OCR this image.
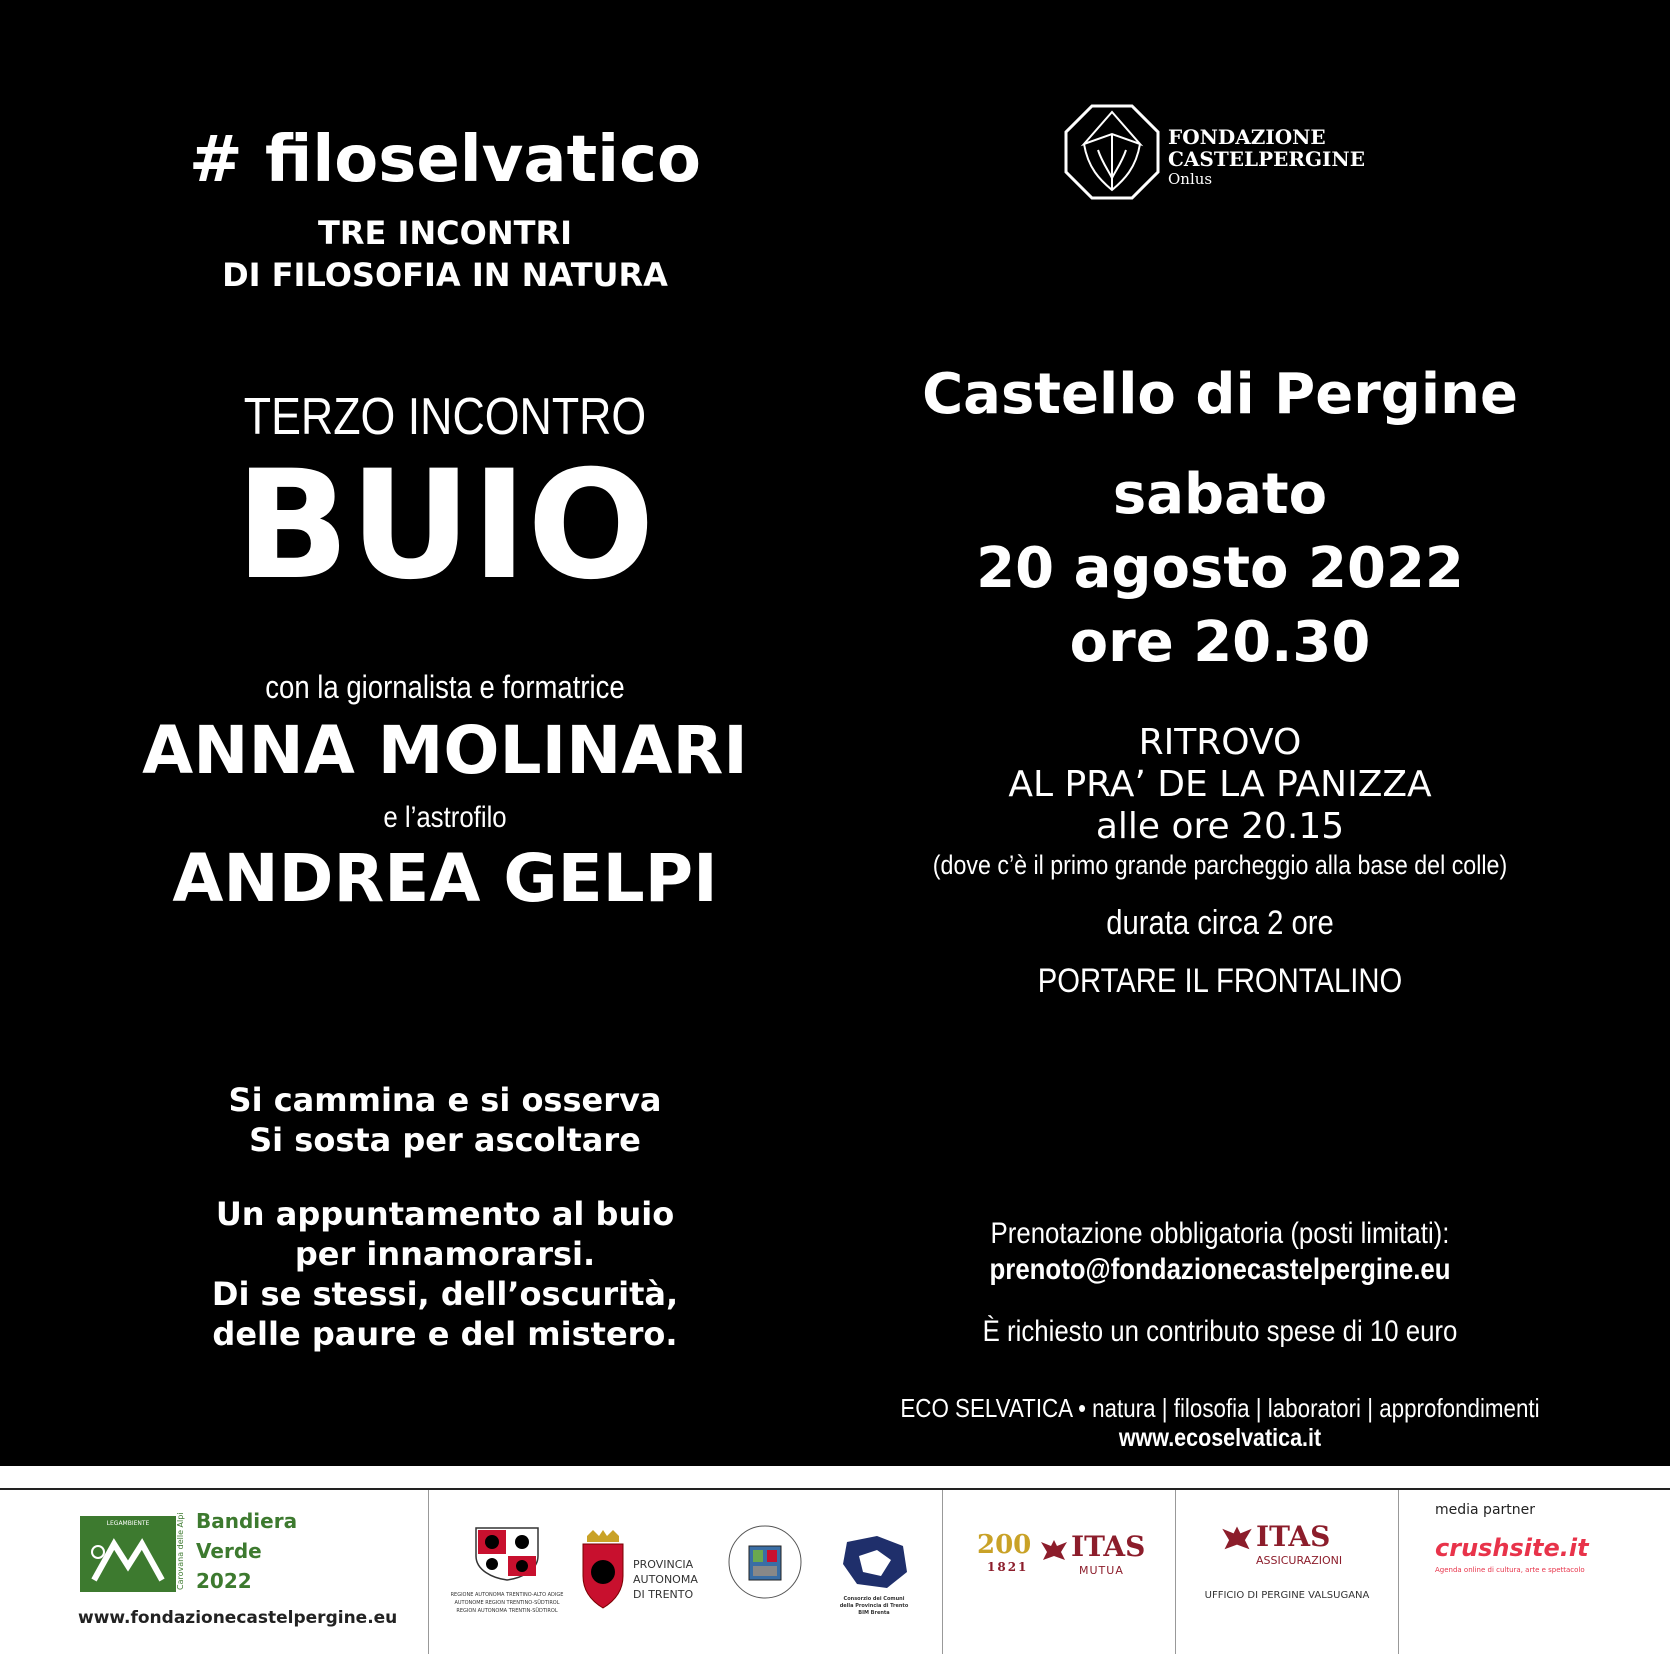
# filoselvatico
TRE INCONTRI
DI FILOSOFIA IN NATURA
TERZO INCONTRO
BUIO
con la giornalista e formatrice
ANNA MOLINARI
e l’astrofilo
ANDREA GELPI
Si cammina e si osserva
Si sosta per ascoltare
Un appuntamento al buio
per innamorarsi.
Di se stessi, dell’oscurità,
delle paure e del mistero.
FONDAZIONE
CASTELPERGINE
Onlus
Castello di Pergine
sabato
20 agosto 2022
ore 20.30
RITROVO
AL PRA’ DE LA PANIZZA
alle ore 20.15
(dove c’è il primo grande parcheggio alla base del colle)
durata circa 2 ore
PORTARE IL FRONTALINO
Prenotazione obbligatoria (posti limitati):
prenoto@fondazionecastelpergine.eu
È richiesto un contributo spese di 10 euro
ECO SELVATICA • natura | filosofia | laboratori | approfondimenti
www.ecoselvatica.it
LEGAMBIENTE	Carovana delle Alpi Bandiera
Verde
2022
www.fondazionecastelpergine.eu
REGIONE AUTONOMA TRENTINO-ALTO ADIGE
AUTONOME REGION TRENTINO-SÜDTIROL
REGION AUTONOMA TRENTIN-SÜDTIROL
PROVINCIA
AUTONOMA
DI TRENTO	Consorzio dei Comuni
della Provincia di Trento
BIM Brenta
200
1821
ITAS
MUTUA
ITAS
ASSICURAZIONI
UFFICIO DI PERGINE VALSUGANA
media partner
crushsite.it
Agenda online di cultura, arte e spettacolo
